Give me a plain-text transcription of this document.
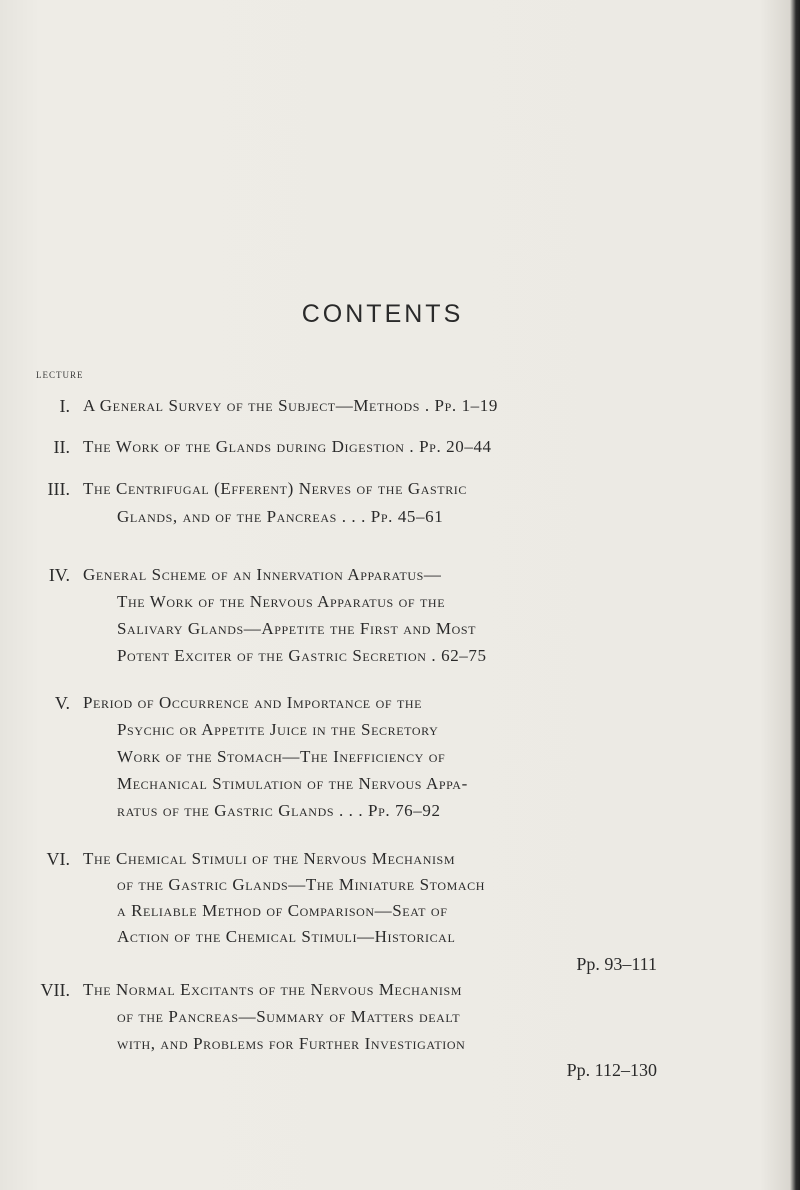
CONTENTS
LECTURE
I. A General Survey of the Subject—Methods . Pp. 1–19
II. The Work of the Glands during Digestion . Pp. 20–44
III. The Centrifugal (Efferent) Nerves of the Gastric
Glands, and of the Pancreas . . . Pp. 45–61
IV. General Scheme of an Innervation Apparatus—
The Work of the Nervous Apparatus of the
Salivary Glands—Appetite the First and Most
Potent Exciter of the Gastric Secretion . 62–75
V. Period of Occurrence and Importance of the
Psychic or Appetite Juice in the Secretory
Work of the Stomach—The Inefficiency of
Mechanical Stimulation of the Nervous Appa-
ratus of the Gastric Glands . . . Pp. 76–92
VI. The Chemical Stimuli of the Nervous Mechanism
of the Gastric Glands—The Miniature Stomach
a Reliable Method of Comparison—Seat of
Action of the Chemical Stimuli—Historical
Pp. 93–111
VII. The Normal Excitants of the Nervous Mechanism
of the Pancreas—Summary of Matters dealt
with, and Problems for Further Investigation
Pp. 112–130
